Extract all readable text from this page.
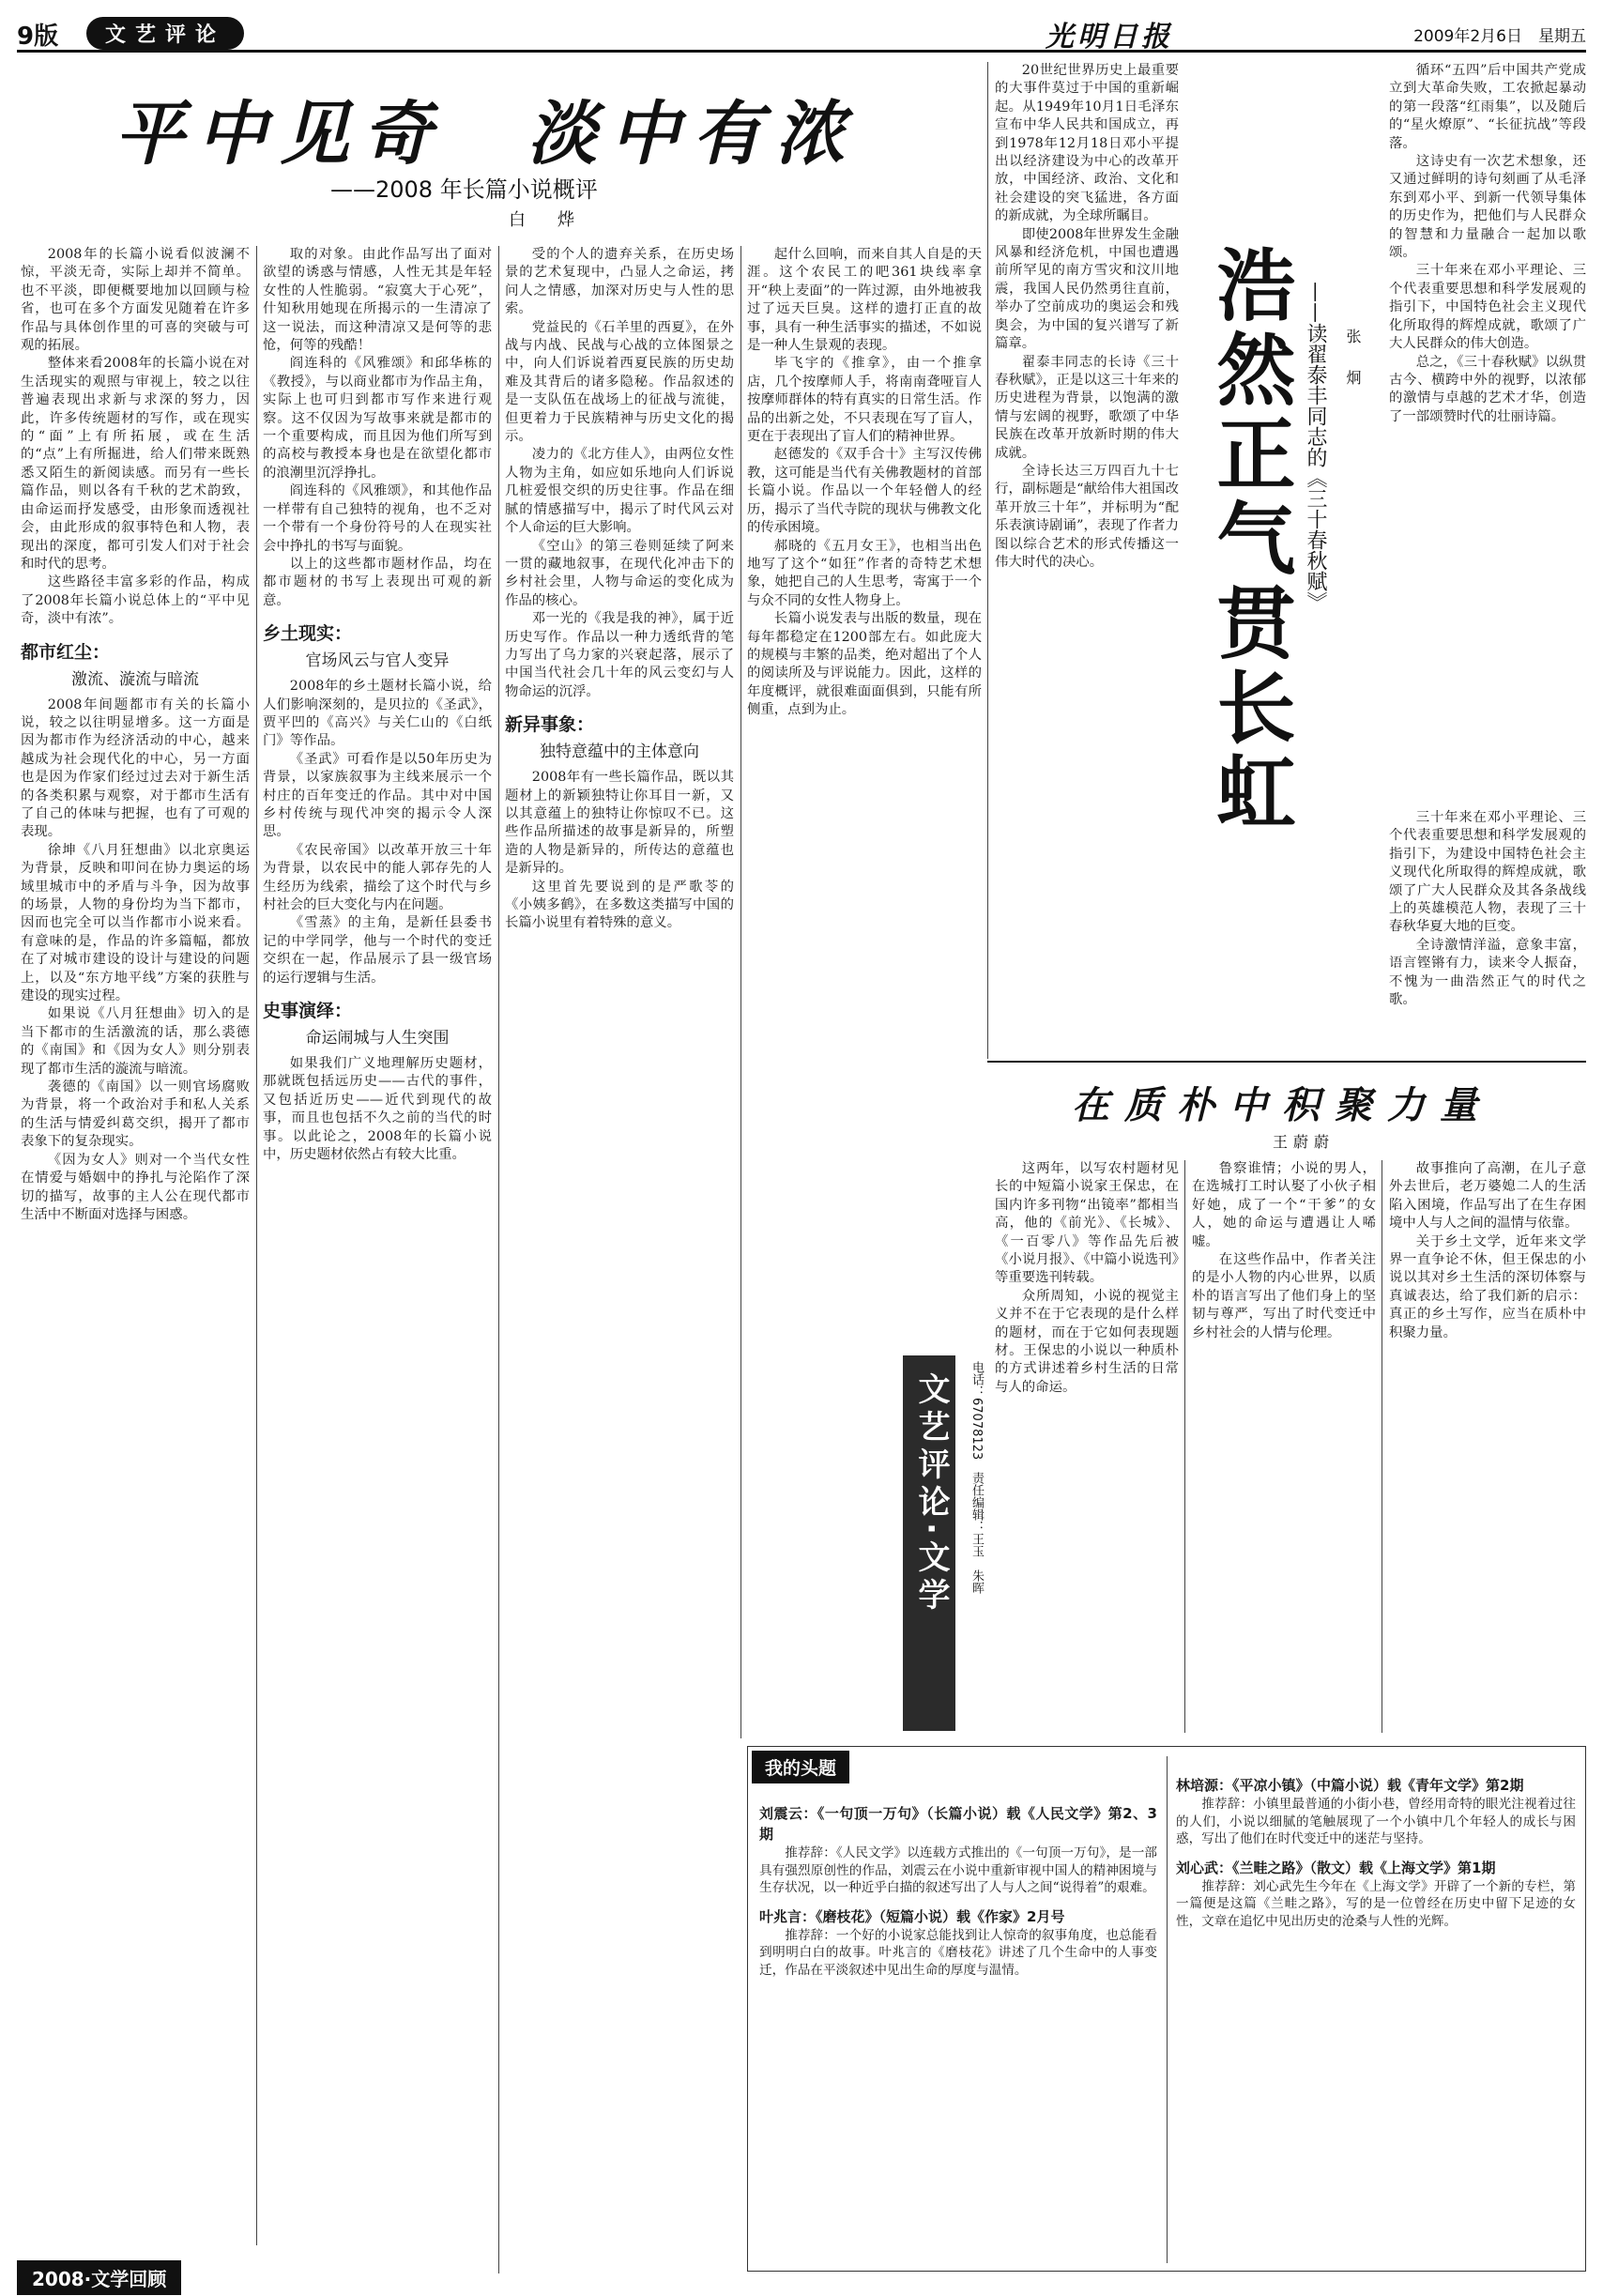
9版	文艺评论	光明日报	2009年2月6日　星期五
平中见奇　淡中有浓
——2008 年长篇小说概评
白　烨

2008年的长篇小说看似波澜不惊，平淡无奇，实际上却并不简单。也不平淡，即便概要地加以回顾与检省，也可在多个方面发见随着在许多作品与具体创作里的可喜的突破与可观的拓展。

整体来看2008年的长篇小说在对生活现实的观照与审视上，较之以往普遍表现出求新与求深的努力，因此，许多传统题材的写作，或在现实的“面”上有所拓展，或在生活的“点”上有所掘进，给人们带来既熟悉又陌生的新阅读感。而另有一些长篇作品，则以各有千秋的艺术韵致，由命运而抒发感受，由形象而透视社会，由此形成的叙事特色和人物，表现出的深度，都可引发人们对于社会和时代的思考。

这些路径丰富多彩的作品，构成了2008年长篇小说总体上的“平中见奇，淡中有浓”。

都市红尘：

激流、漩流与暗流

2008年间题都市有关的长篇小说，较之以往明显增多。这一方面是因为都市作为经济活动的中心，越来越成为社会现代化的中心，另一方面也是因为作家们经过过去对于新生活的各类积累与观察，对于都市生活有了自己的体味与把握，也有了可观的表现。

徐坤《八月狂想曲》以北京奥运为背景，反映和叩问在协力奥运的场域里城市中的矛盾与斗争，因为故事的场景，人物的身份均为当下都市，因而也完全可以当作都市小说来看。有意味的是，作品的许多篇幅，都放在了对城市建设的设计与建设的问题上，以及“东方地平线”方案的获胜与建设的现实过程。

如果说《八月狂想曲》切入的是当下都市的生活激流的话，那么裘德的《南国》和《因为女人》则分别表现了都市生活的漩流与暗流。

袭德的《南国》以一则官场腐败为背景，将一个政治对手和私人关系的生活与情爱纠葛交织，揭开了都市表象下的复杂现实。

《因为女人》则对一个当代女性在情爱与婚姻中的挣扎与沦陷作了深切的描写，故事的主人公在现代都市生活中不断面对选择与困惑。

取的对象。由此作品写出了面对欲望的诱惑与情感，人性无其是年轻女性的人性脆弱。“寂寞大于心死”，什知秋用她现在所揭示的一生清凉了这一说法，而这种清凉又是何等的悲怆，何等的残酷！

阎连科的《风雅颂》和邱华栋的《教授》，与以商业都市为作品主角，实际上也可归到都市写作来进行观察。这不仅因为写故事来就是都市的一个重要构成，而且因为他们所写到的高校与教授本身也是在欲望化都市的浪潮里沉浮挣扎。

阎连科的《风雅颂》，和其他作品一样带有自己独特的视角，也不乏对一个带有一个身份符号的人在现实社会中挣扎的书写与面貌。

以上的这些都市题材作品，均在都市题材的书写上表现出可观的新意。

乡土现实：

官场风云与官人变异

2008年的乡土题材长篇小说，给人们影响深刻的，是贝拉的《圣武》，贾平凹的《高兴》与关仁山的《白纸门》等作品。

《圣武》可看作是以50年历史为背景，以家族叙事为主线来展示一个村庄的百年变迁的作品。其中对中国乡村传统与现代冲突的揭示令人深思。

《农民帝国》以改革开放三十年为背景，以农民中的能人郭存先的人生经历为线索，描绘了这个时代与乡村社会的巨大变化与内在问题。

《雪蒸》的主角，是新任县委书记的中学同学，他与一个时代的变迁交织在一起，作品展示了县一级官场的运行逻辑与生活。

史事演绎：

命运闹城与人生突围

如果我们广义地理解历史题材，那就既包括远历史——古代的事件，又包括近历史——近代到现代的故事，而且也包括不久之前的当代的时事。以此论之，2008年的长篇小说中，历史题材依然占有较大比重。

受的个人的遗弃关系，在历史场景的艺术复现中，凸显人之命运，拷问人之情感，加深对历史与人性的思索。

党益民的《石羊里的西夏》，在外战与内战、民战与心战的立体图景之中，向人们诉说着西夏民族的历史劫难及其背后的诸多隐秘。作品叙述的是一支队伍在战场上的征战与流徙，但更着力于民族精神与历史文化的揭示。

凌力的《北方佳人》，由两位女性人物为主角，如应如乐地向人们诉说几桩爱恨交织的历史往事。作品在细腻的情感描写中，揭示了时代风云对个人命运的巨大影响。

《空山》的第三卷则延续了阿来一贯的藏地叙事，在现代化冲击下的乡村社会里，人物与命运的变化成为作品的核心。

邓一光的《我是我的神》，属于近历史写作。作品以一种力透纸背的笔力写出了乌力家的兴衰起落，展示了中国当代社会几十年的风云变幻与人物命运的沉浮。

新异事象：

独特意蕴中的主体意向

2008年有一些长篇作品，既以其题材上的新颖独特让你耳目一新，又以其意蕴上的独特让你惊叹不已。这些作品所描述的故事是新异的，所塑造的人物是新异的，所传达的意蕴也是新异的。

这里首先要说到的是严歌苓的《小姨多鹤》，在多数这类描写中国的长篇小说里有着特殊的意义。

起什么回响，而来自其人自是的天涯。这个农民工的吧361块线率拿开“秧上麦面”的一阵过源，由外地被我过了远天巨臭。这样的遗打正直的故事，具有一种生活事实的描述，不如说是一种人生景观的表现。

毕飞宇的《推拿》，由一个推拿店，几个按摩师人手，将南南聋哑盲人按摩师群体的特有真实的日常生活。作品的出新之处，不只表现在写了盲人，更在于表现出了盲人们的精神世界。

赵德发的《双手合十》主写汉传佛教，这可能是当代有关佛教题材的首部长篇小说。作品以一个年轻僧人的经历，揭示了当代寺院的现状与佛教文化的传承困境。

郝晓的《五月女王》，也相当出色地写了这个“如狂”作者的奇特艺术想象，她把自己的人生思考，寄寓于一个与众不同的女性人物身上。

长篇小说发表与出版的数量，现在每年都稳定在1200部左右。如此庞大的规模与丰繁的品类，绝对超出了个人的阅读所及与评说能力。因此，这样的年度概评，就很难面面俱到，只能有所侧重，点到为止。

20世纪世界历史上最重要的大事件莫过于中国的重新崛起。从1949年10月1日毛泽东宣布中华人民共和国成立，再到1978年12月18日邓小平提出以经济建设为中心的改革开放，中国经济、政治、文化和社会建设的突飞猛进，各方面的新成就，为全球所瞩目。

即使2008年世界发生金融风暴和经济危机，中国也遭遇前所罕见的南方雪灾和汶川地震，我国人民仍然勇往直前，举办了空前成功的奥运会和残奥会，为中国的复兴谱写了新篇章。

翟泰丰同志的长诗《三十春秋赋》，正是以这三十年来的历史进程为背景，以饱满的激情与宏阔的视野，歌颂了中华民族在改革开放新时期的伟大成就。

全诗长达三万四百九十七行，副标题是“献给伟大祖国改革开放三十年”，并标明为“配乐表演诗剧诵”，表现了作者力图以综合艺术的形式传播这一伟大时代的决心。	浩然正气贯长虹 ——读翟泰丰同志的《三十春秋赋》 张　炯

循环“五四”后中国共产党成立到大革命失败，工农掀起暴动的第一段落“红雨集”，以及随后的“星火燎原”、“长征抗战”等段落。

这诗史有一次艺术想象，还又通过鲜明的诗句刻画了从毛泽东到邓小平、到新一代领导集体的历史作为，把他们与人民群众的智慧和力量融合一起加以歌颂。

三十年来在邓小平理论、三个代表重要思想和科学发展观的指引下，中国特色社会主义现代化所取得的辉煌成就，歌颂了广大人民群众的伟大创造。

总之，《三十春秋赋》以纵贯古今、横跨中外的视野，以浓郁的激情与卓越的艺术才华，创造了一部颂赞时代的壮丽诗篇。

三十年来在邓小平理论、三个代表重要思想和科学发展观的指引下，为建设中国特色社会主义现代化所取得的辉煌成就，歌颂了广大人民群众及其各条战线上的英雄模范人物，表现了三十春秋华夏大地的巨变。

全诗激情洋溢，意象丰富，语言铿锵有力，读来令人振奋，不愧为一曲浩然正气的时代之歌。

在质朴中积聚力量
王蔚蔚

这两年，以写农村题材见长的中短篇小说家王保忠，在国内许多刊物“出镜率”都相当高，他的《前光》、《长城》、《一百零八》等作品先后被《小说月报》、《中篇小说选刊》等重要选刊转载。

众所周知，小说的视觉主义并不在于它表现的是什么样的题材，而在于它如何表现题材。王保忠的小说以一种质朴的方式讲述着乡村生活的日常与人的命运。

鲁察谁情；小说的男人，在选城打工时认娶了小伙子相好她，成了一个“干爹”的女人，她的命运与遭遇让人唏嘘。

在这些作品中，作者关注的是小人物的内心世界，以质朴的语言写出了他们身上的坚韧与尊严，写出了时代变迁中乡村社会的人情与伦理。

故事推向了高潮，在儿子意外去世后，老万婆媳二人的生活陷入困境，作品写出了在生存困境中人与人之间的温情与依靠。

关于乡土文学，近年来文学界一直争论不休，但王保忠的小说以其对乡土生活的深切体察与真诚表达，给了我们新的启示：真正的乡土写作，应当在质朴中积聚力量。

文艺评论·文学	电话：67078123　责任编辑：王玉　朱晖
我的头题

刘震云：《一句顶一万句》（长篇小说）载《人民文学》第2、3期

推荐辞：《人民文学》以连载方式推出的《一句顶一万句》，是一部具有强烈原创性的作品，刘震云在小说中重新审视中国人的精神困境与生存状况，以一种近乎白描的叙述写出了人与人之间“说得着”的艰难。

叶兆言：《磨枝花》（短篇小说）载《作家》2月号

推荐辞：一个好的小说家总能找到让人惊奇的叙事角度，也总能看到明明白白的故事。叶兆言的《磨枝花》讲述了几个生命中的人事变迁，作品在平淡叙述中见出生命的厚度与温情。

林培源：《平凉小镇》（中篇小说）载《青年文学》第2期

推荐辞：小镇里最普通的小街小巷，曾经用奇特的眼光注视着过往的人们，小说以细腻的笔触展现了一个小镇中几个年轻人的成长与困惑，写出了他们在时代变迁中的迷茫与坚持。

刘心武：《兰畦之路》（散文）载《上海文学》第1期

推荐辞：刘心武先生今年在《上海文学》开辟了一个新的专栏，第一篇便是这篇《兰畦之路》，写的是一位曾经在历史中留下足迹的女性，文章在追忆中见出历史的沧桑与人性的光辉。

2008·文学回顾
